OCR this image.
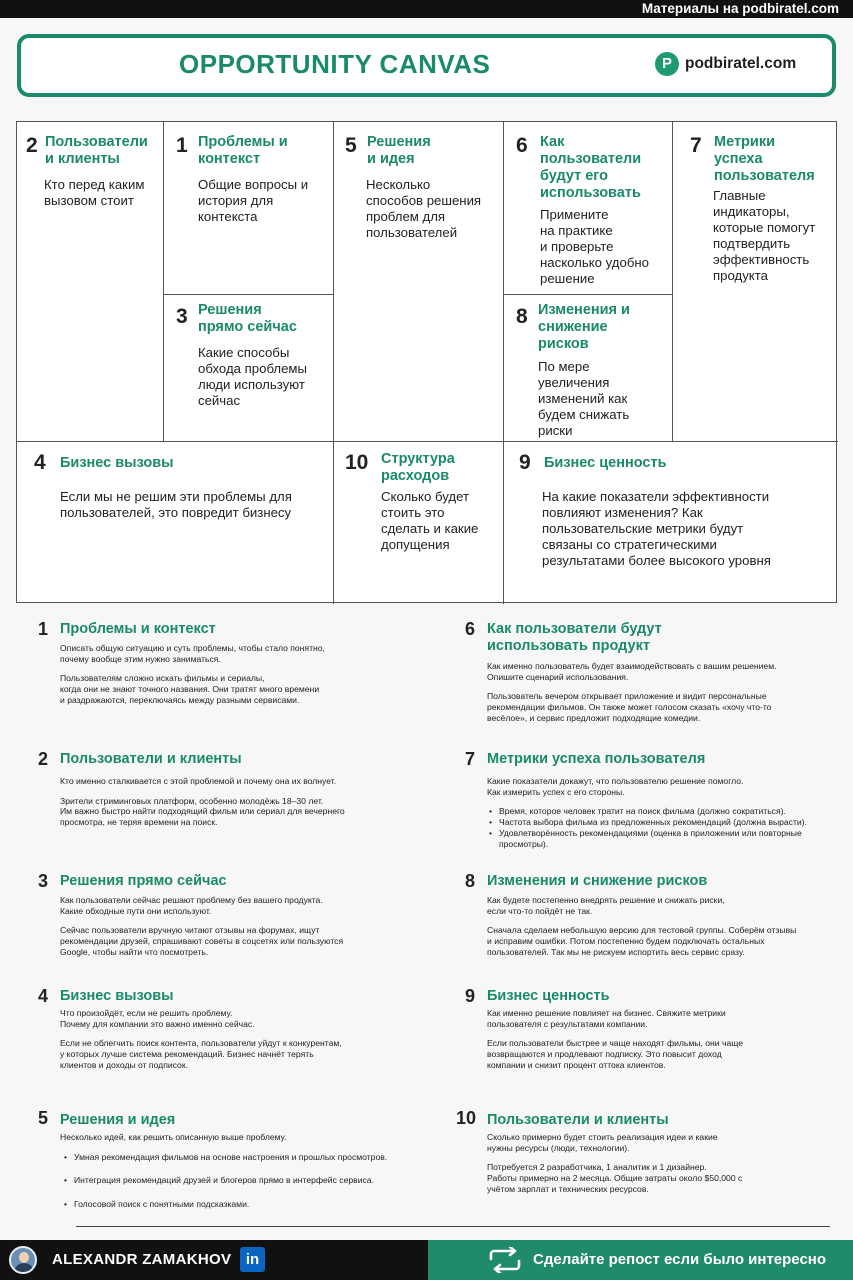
Материалы на podbiratel.com
OPPORTUNITY CANVAS	P podbiratel.com
2 Пользователи
и клиенты
Кто перед каким
вызовом стоит
1 Проблемы и
контекст
Общие вопросы и
история для
контекста
3 Решения
прямо сейчас
Какие способы
обхода проблемы
люди используют
сейчас
5 Решения
и идея
Несколько
способов решения
проблем для
пользователей
6 Как
пользователи
будут его
использовать
Примените
на практике
и проверьте
насколько удобно
решение
8 Изменения и
снижение
рисков
По мере
увеличения
изменений как
будем снижать
риски
7 Метрики
успеха
пользователя
Главные
индикаторы,
которые помогут
подтвердить
эффективность
продукта
4 Бизнес вызовы
Если мы не решим эти проблемы для
пользователей, это повредит бизнесу
10 Структура
расходов
Сколько будет
стоить это
сделать и какие
допущения
9 Бизнес ценность
На какие показатели эффективности
повлияют изменения? Как
пользовательские метрики будут
связаны со стратегическими
результатами более высокого уровня
1 Проблемы и контекст

Описать общую ситуацию и суть проблемы, чтобы стало понятно,
почему вообще этим нужно заниматься.

Пользователям сложно искать фильмы и сериалы,
когда они не знают точного названия. Они тратят много времени
и раздражаются, переключаясь между разными сервисами.

2 Пользователи и клиенты

Кто именно сталкивается с этой проблемой и почему она их волнует.

Зрители стриминговых платформ, особенно молодёжь 18–30 лет.
Им важно быстро найти подходящий фильм или сериал для вечернего
просмотра, не теряя времени на поиск.

3 Решения прямо сейчас

Как пользователи сейчас решают проблему без вашего продукта.
Какие обходные пути они используют.

Сейчас пользователи вручную читают отзывы на форумах, ищут
рекомендации друзей, спрашивают советы в соцсетях или пользуются
Google, чтобы найти что посмотреть.

4 Бизнес вызовы

Что произойдёт, если не решить проблему.
Почему для компании это важно именно сейчас.

Если не облегчить поиск контента, пользователи уйдут к конкурентам,
у которых лучше система рекомендаций. Бизнес начнёт терять
клиентов и доходы от подписок.

5 Решения и идея

Несколько идей, как решить описанную выше проблему.

• Умная рекомендация фильмов на основе настроения и прошлых просмотров.
• Интеграция рекомендаций друзей и блогеров прямо в интерфейс сервиса.
• Голосовой поиск с понятными подсказками.
6 Как пользователи будут
использовать продукт

Как именно пользователь будет взаимодействовать с вашим решением.
Опишите сценарий использования.

Пользователь вечером открывает приложение и видит персональные
рекомендации фильмов. Он также может голосом сказать «хочу что-то
весёлое», и сервис предложит подходящие комедии.

7 Метрики успеха пользователя

Какие показатели докажут, что пользователю решение помогло.
Как измерить успех с его стороны.

• Время, которое человек тратит на поиск фильма (должно сократиться).
• Частота выбора фильма из предложенных рекомендаций (должна вырасти).
• Удовлетворённость рекомендациями (оценка в приложении или повторные
просмотры).
8 Изменения и снижение рисков

Как будете постепенно внедрять решение и снижать риски,
если что-то пойдёт не так.

Сначала сделаем небольшую версию для тестовой группы. Соберём отзывы
и исправим ошибки. Потом постепенно будем подключать остальных
пользователей. Так мы не рискуем испортить весь сервис сразу.

9 Бизнес ценность

Как именно решение повлияет на бизнес. Свяжите метрики
пользователя с результатами компании.

Если пользователи быстрее и чаще находят фильмы, они чаще
возвращаются и продлевают подписку. Это повысит доход
компании и снизит процент оттока клиентов.

10 Пользователи и клиенты

Сколько примерно будет стоить реализация идеи и какие
нужны ресурсы (люди, технологии).

Потребуется 2 разработчика, 1 аналитик и 1 дизайнер.
Работы примерно на 2 месяца. Общие затраты около $50,000 с
учётом зарплат и технических ресурсов.

ALEXANDR ZAMAKHOV in	Сделайте репост если было интересно
